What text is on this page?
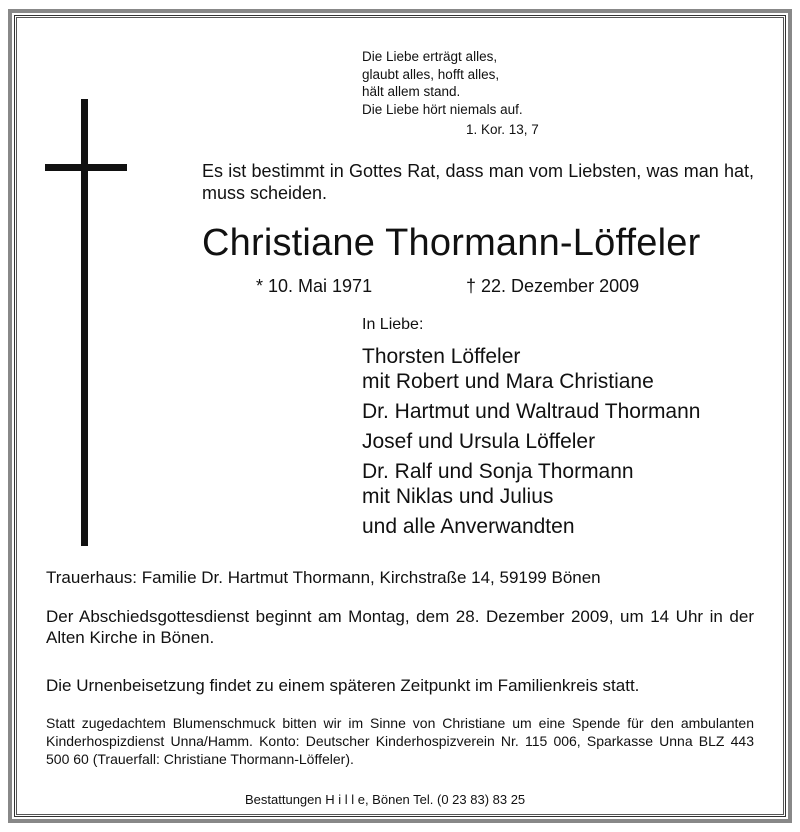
Die Liebe erträgt alles,
glaubt alles, hofft alles,
hält allem stand.
Die Liebe hört niemals auf.
1. Kor. 13, 7
Es ist bestimmt in Gottes Rat, dass man vom Liebsten, was man hat, muss scheiden.
Christiane Thormann-Löffeler
* 10. Mai 1971	† 22. Dezember 2009
In Liebe:
Thorsten Löffeler
mit Robert und Mara Christiane
Dr. Hartmut und Waltraud Thormann
Josef und Ursula Löffeler
Dr. Ralf und Sonja Thormann
mit Niklas und Julius
und alle Anverwandten
Trauerhaus: Familie Dr. Hartmut Thormann, Kirchstraße 14, 59199 Bönen
Der Abschiedsgottesdienst beginnt am Montag, dem 28. Dezember 2009, um 14 Uhr in der Alten Kirche in Bönen.
Die Urnenbeisetzung findet zu einem späteren Zeitpunkt im Familienkreis statt.
Statt zugedachtem Blumenschmuck bitten wir im Sinne von Christiane um eine Spende für den ambulanten Kinderhospizdienst Unna/Hamm. Konto: Deutscher Kinderhospizverein Nr. 115 006, Sparkasse Unna BLZ 443 500 60 (Trauerfall: Christiane Thormann-Löffeler).
Bestattungen H i l l e, Bönen Tel. (0 23 83) 83 25
